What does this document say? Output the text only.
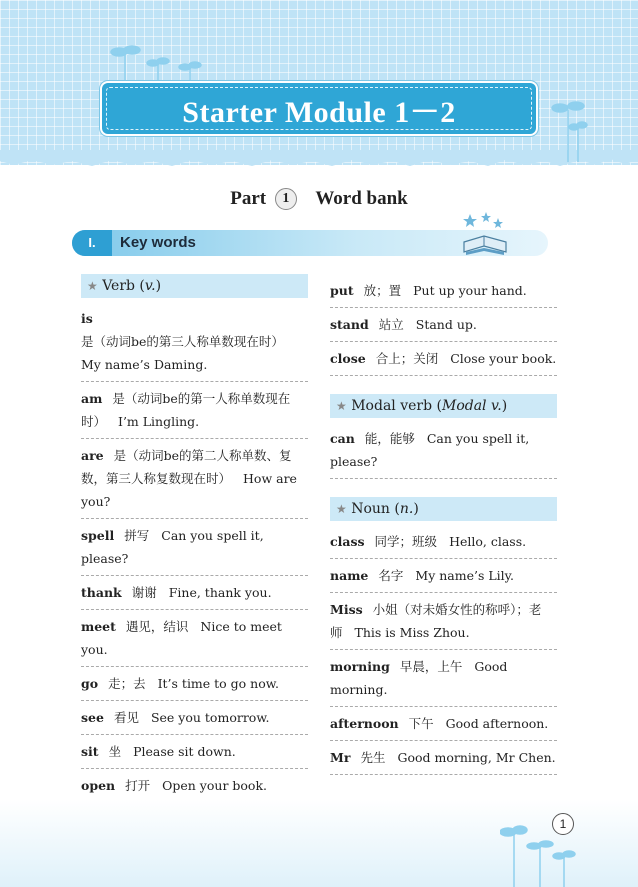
Starter Module 1－2
Part 1 Word bank
I.	Key words
★ Verb (v.)
is是（动词be的第三人称单数现在时）My name’s Daming.
am 是（动词be的第一人称单数现在时） I’m Lingling.
are 是（动词be的第二人称单数、复数，第三人称复数现在时） How are you?
spell 拼写 Can you spell it, please?
thank 谢谢 Fine, thank you.
meet 遇见，结识 Nice to meet you.
go 走；去 It’s time to go now.
see 看见 See you tomorrow.
sit 坐 Please sit down.
open 打开 Open your book.
put 放；置 Put up your hand.
stand 站立 Stand up.
close 合上；关闭 Close your book.
★ Modal verb (Modal v.)
can 能，能够 Can you spell it, please?
★ Noun (n.)
class 同学；班级 Hello, class.
name 名字 My name’s Lily.
Miss 小姐（对未婚女性的称呼）；老师 This is Miss Zhou.
morning 早晨，上午 Good morning.
afternoon 下午 Good afternoon.
Mr 先生 Good morning, Mr Chen.
1
